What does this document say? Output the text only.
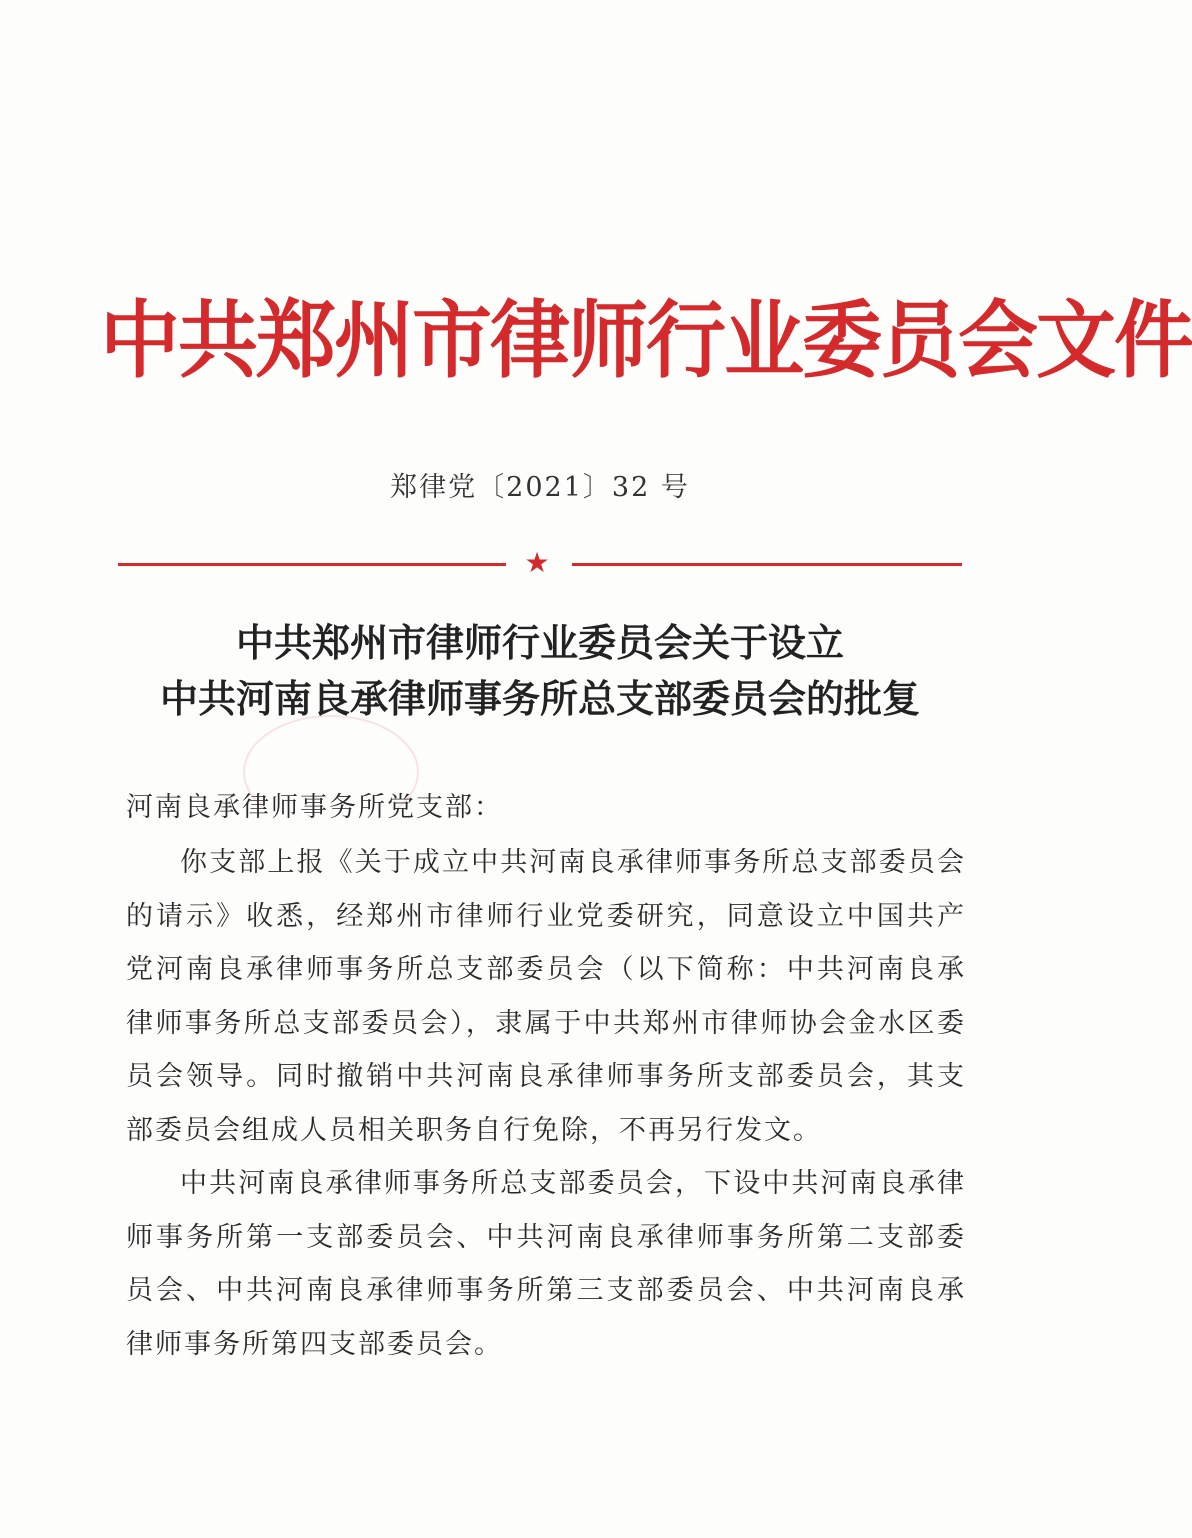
中共郑州市律师行业委员会文件
郑律党〔2021〕32 号
★
中共郑州市律师行业委员会关于设立
中共河南良承律师事务所总支部委员会的批复
河南良承律师事务所党支部：

你支部上报《关于成立中共河南良承律师事务所总支部委员会的请示》收悉，经郑州市律师行业党委研究，同意设立中国共产党河南良承律师事务所总支部委员会（以下简称：中共河南良承律师事务所总支部委员会），隶属于中共郑州市律师协会金水区委员会领导。同时撤销中共河南良承律师事务所支部委员会，其支部委员会组成人员相关职务自行免除，不再另行发文。

中共河南良承律师事务所总支部委员会，下设中共河南良承律师事务所第一支部委员会、中共河南良承律师事务所第二支部委员会、中共河南良承律师事务所第三支部委员会、中共河南良承律师事务所第四支部委员会。
